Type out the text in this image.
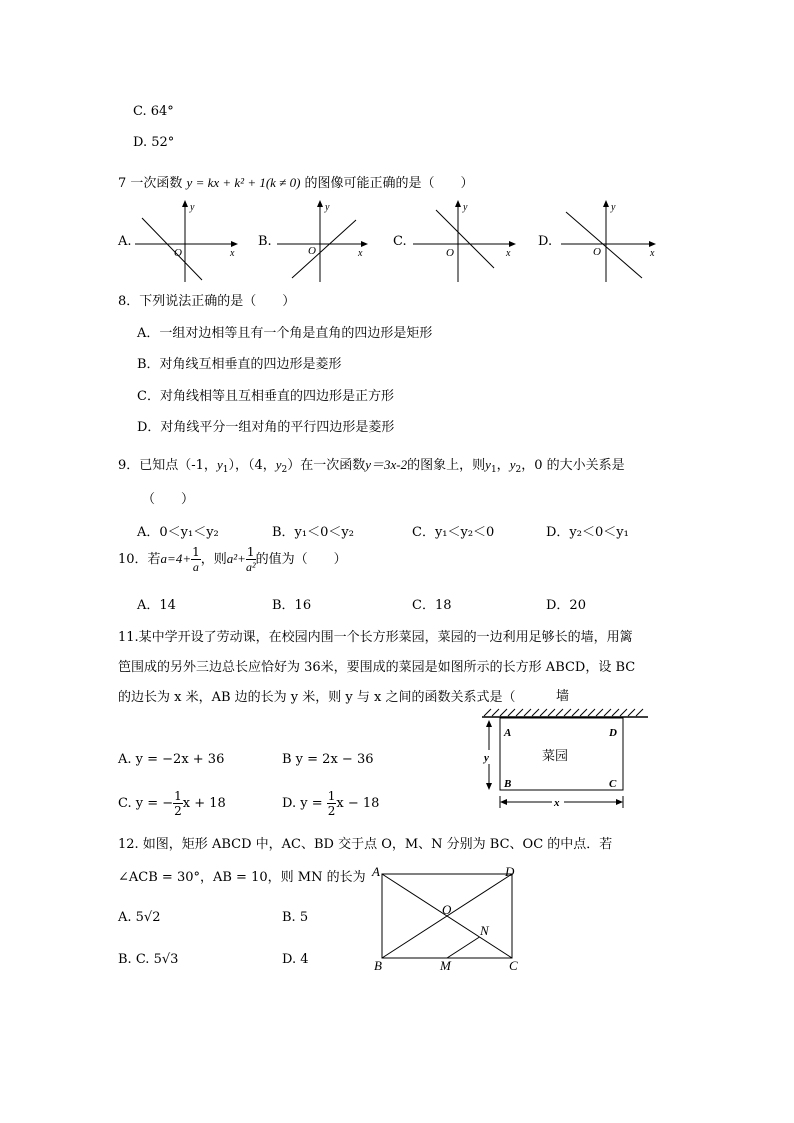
C. 64°
D. 52°
7 一次函数 y = kx + k² + 1(k ≠ 0) 的图像可能正确的是（　　）
A.	B.	C.	D.
y
x
O
y
x
O
y
x
O
y
x
O
8．下列说法正确的是（　　）
A．一组对边相等且有一个角是直角的四边形是矩形
B．对角线互相垂直的四边形是菱形
C．对角线相等且互相垂直的四边形是正方形
D．对角线平分一组对角的平行四边形是菱形
9．已知点（-1，$y_1$），（4，$y_2$）在一次函数y＝3x-2的图象上，则$y_1$，$y_2$，0 的大小关系是
（　　）
A．0＜y₁＜y₂	B．y₁＜0＜y₂	C．y₁＜y₂＜0	D．y₂＜0＜y₁
10．若$a=4+ \frac{1}{a}$ ，则$a^2+ \frac{1}{\text{a²}}$ 的值为（　　）
A．14	B．16	C．18	D．20
11.某中学开设了劳动课，在校园内围一个长方形菜园，菜园的一边利用足够长的墙，用篱
笆围成的另外三边总长应恰好为 36米，要围成的菜园是如图所示的长方形 ABCD，设 BC
的边长为 x 米，AB 边的长为 y 米，则 y 与 x 之间的函数关系式是（
A. y = −2x + 36	B y = 2x − 36
C. y = − $\frac{1}{2}$ x + 18	D. $y = \frac{1}{2}$ x − 18
墙
菜园
A	D
B	C
y
x
12. 如图，矩形 ABCD 中，AC、BD 交于点 O，M、N 分别为 BC、OC 的中点．若
∠ACB = 30°，AB = 10，则 MN 的长为
A. 5√2	B. 5
B. C. 5√3	D. 4
A	D
B	C
O
N
M
